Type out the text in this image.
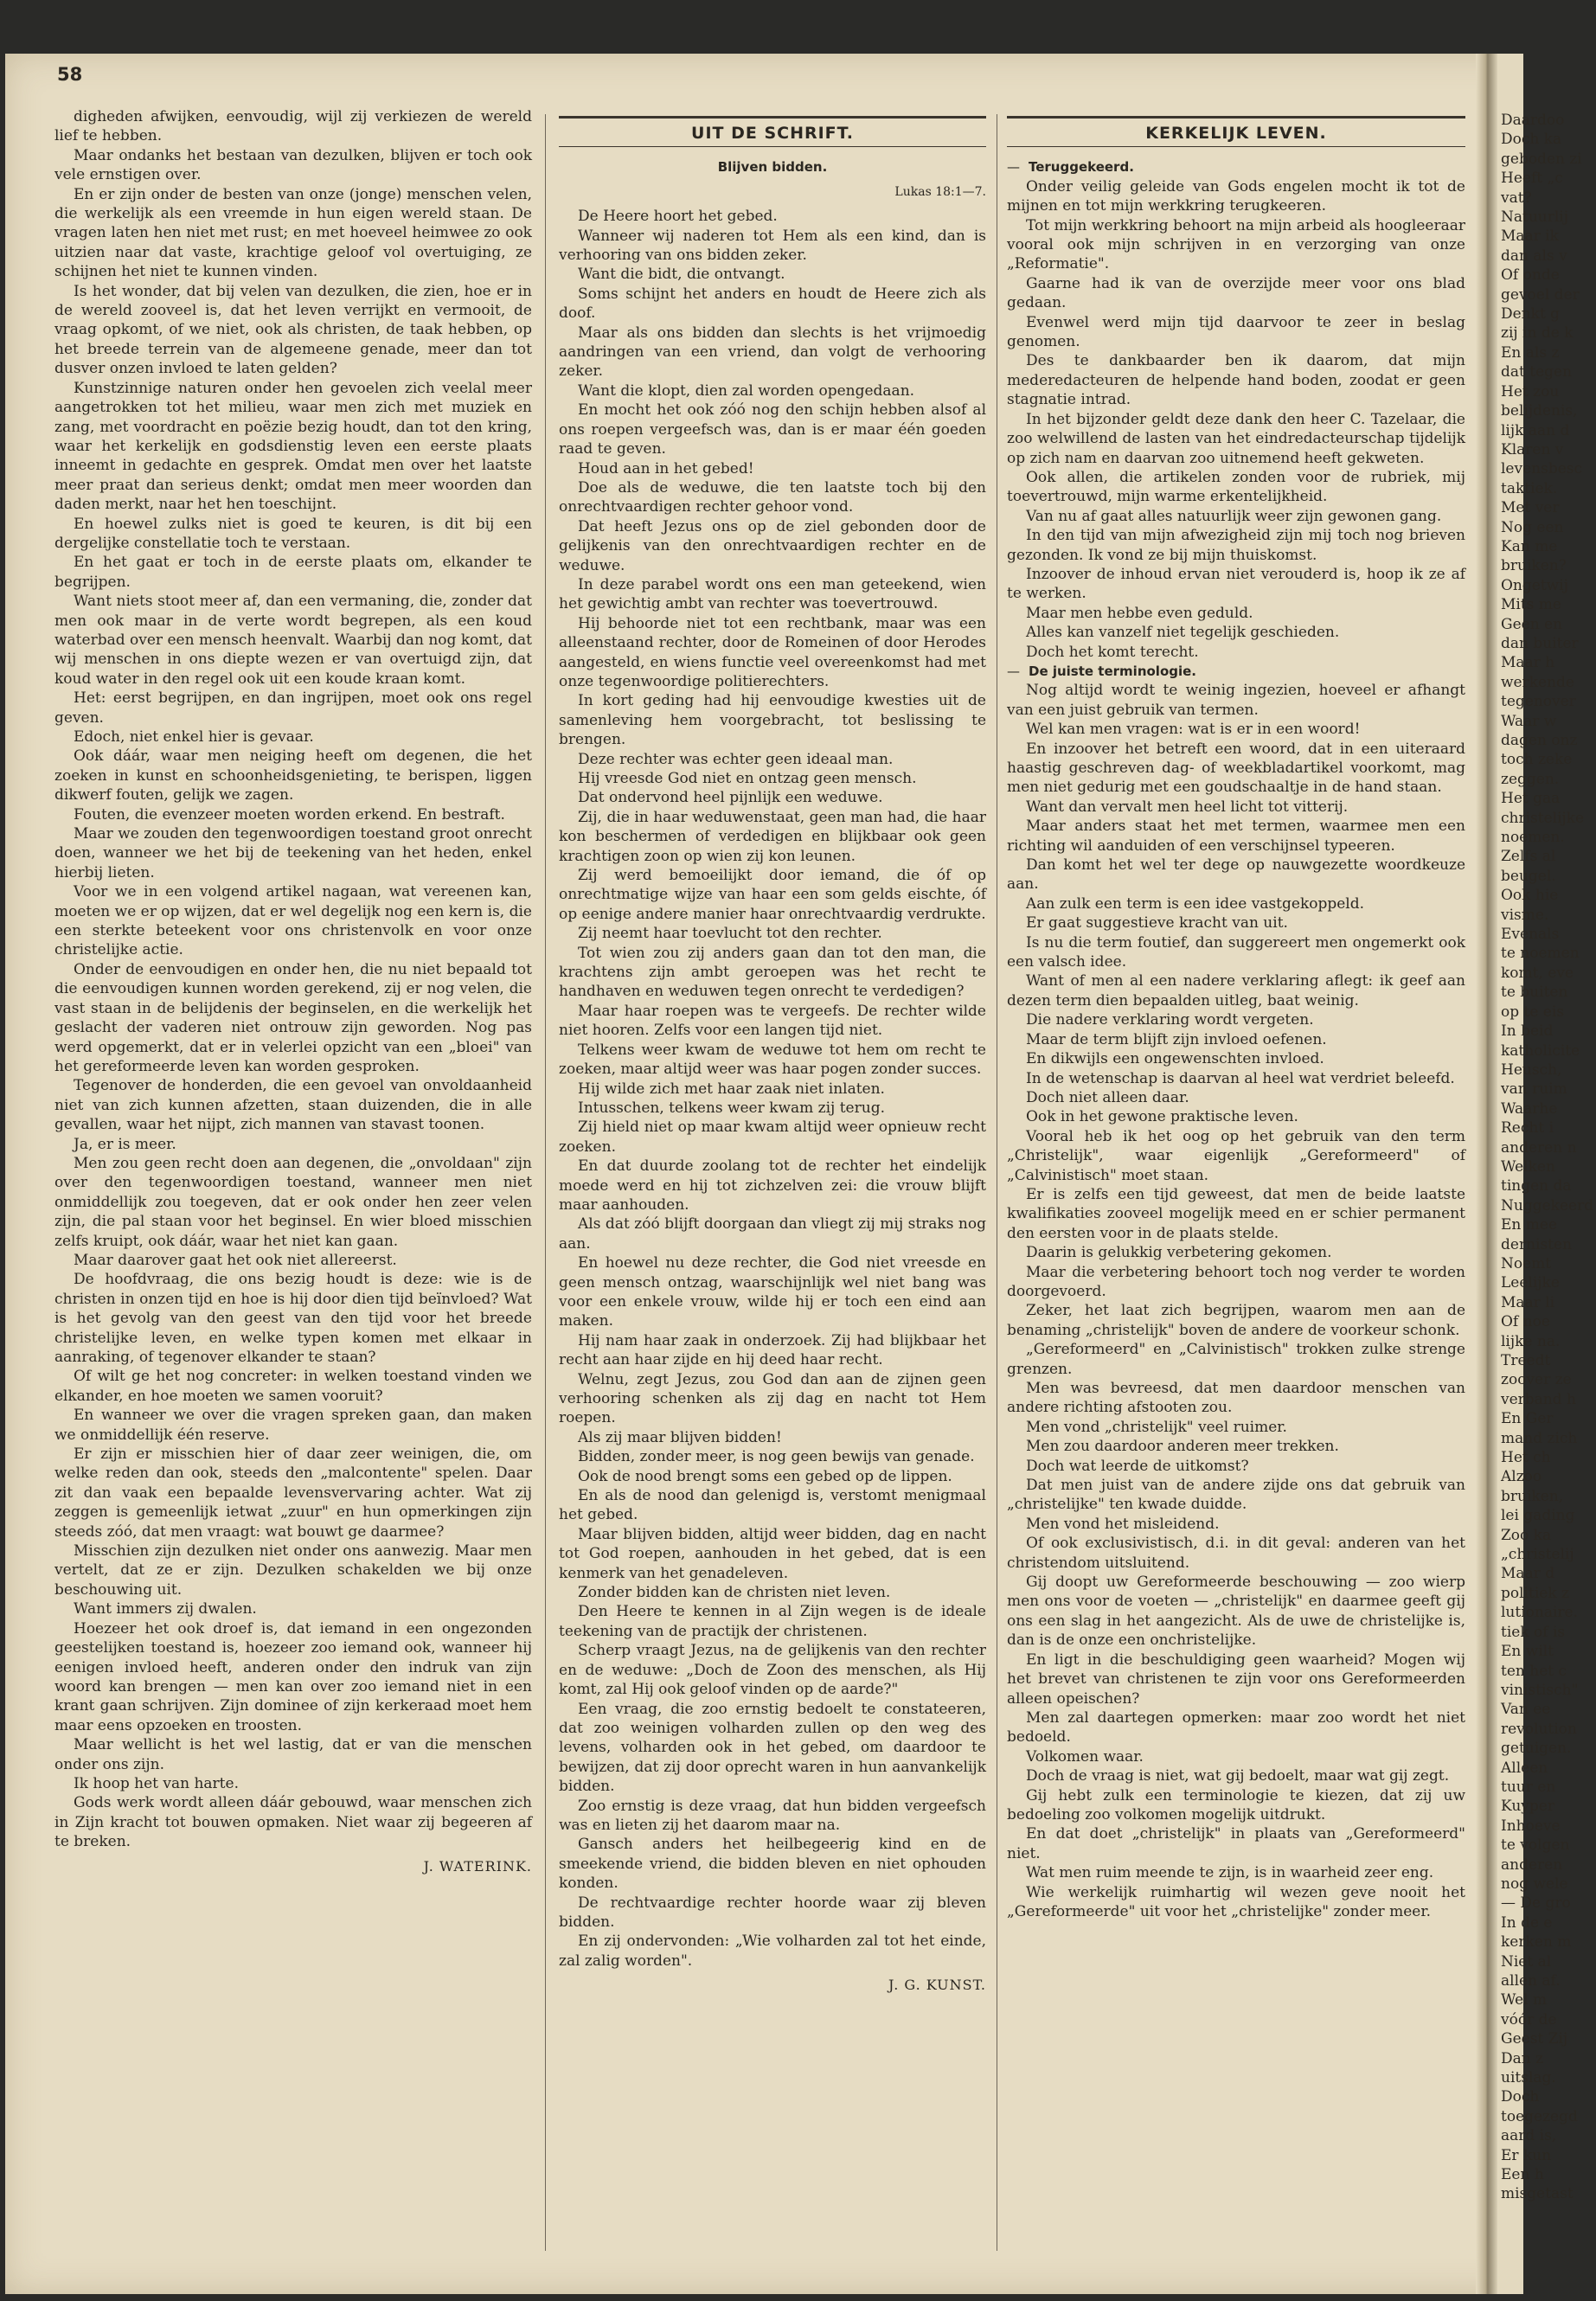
58

digheden afwijken, eenvoudig, wijl zij verkiezen de wereld lief te hebben.

Maar ondanks het bestaan van dezulken, blijven er toch ook vele ernstigen over.

En er zijn onder de besten van onze (jonge) menschen velen, die werkelijk als een vreemde in hun eigen wereld staan. De vragen laten hen niet met rust; en met hoeveel heimwee zo ook uitzien naar dat vaste, krachtige geloof vol overtuiging, ze schijnen het niet te kunnen vinden.

Is het wonder, dat bij velen van dezulken, die zien, hoe er in de wereld zooveel is, dat het leven verrijkt en vermooit, de vraag opkomt, of we niet, ook als christen, de taak hebben, op het breede terrein van de algemeene genade, meer dan tot dusver onzen invloed te laten gelden?

Kunstzinnige naturen onder hen gevoelen zich veelal meer aangetrokken tot het milieu, waar men zich met muziek en zang, met voordracht en poëzie bezig houdt, dan tot den kring, waar het kerkelijk en godsdienstig leven een eerste plaats inneemt in gedachte en gesprek. Omdat men over het laatste meer praat dan serieus denkt; omdat men meer woorden dan daden merkt, naar het hen toeschijnt.

En hoewel zulks niet is goed te keuren, is dit bij een dergelijke constellatie toch te verstaan.

En het gaat er toch in de eerste plaats om, elkander te begrijpen.

Want niets stoot meer af, dan een vermaning, die, zonder dat men ook maar in de verte wordt begrepen, als een koud waterbad over een mensch heenvalt. Waarbij dan nog komt, dat wij menschen in ons diepte wezen er van overtuigd zijn, dat koud water in den regel ook uit een koude kraan komt.

Het: eerst begrijpen, en dan ingrijpen, moet ook ons regel geven.

Edoch, niet enkel hier is gevaar.

Ook dáár, waar men neiging heeft om degenen, die het zoeken in kunst en schoonheidsgenieting, te berispen, liggen dikwerf fouten, gelijk we zagen.

Fouten, die evenzeer moeten worden erkend. En bestraft.

Maar we zouden den tegenwoordigen toestand groot onrecht doen, wanneer we het bij de teekening van het heden, enkel hierbij lieten.

Voor we in een volgend artikel nagaan, wat vereenen kan, moeten we er op wijzen, dat er wel degelijk nog een kern is, die een sterkte beteekent voor ons christenvolk en voor onze christelijke actie.

Onder de eenvoudigen en onder hen, die nu niet bepaald tot die eenvoudigen kunnen worden gerekend, zij er nog velen, die vast staan in de belijdenis der beginselen, en die werkelijk het geslacht der vaderen niet ontrouw zijn geworden. Nog pas werd opgemerkt, dat er in velerlei opzicht van een „bloei" van het gereformeerde leven kan worden gesproken.

Tegenover de honderden, die een gevoel van onvoldaanheid niet van zich kunnen afzetten, staan duizenden, die in alle gevallen, waar het nijpt, zich mannen van stavast toonen.

Ja, er is meer.

Men zou geen recht doen aan degenen, die „onvoldaan" zijn over den tegenwoordigen toestand, wanneer men niet onmiddellijk zou toegeven, dat er ook onder hen zeer velen zijn, die pal staan voor het beginsel. En wier bloed misschien zelfs kruipt, ook dáár, waar het niet kan gaan.

Maar daarover gaat het ook niet allereerst.

De hoofdvraag, die ons bezig houdt is deze: wie is de christen in onzen tijd en hoe is hij door dien tijd beïnvloed? Wat is het gevolg van den geest van den tijd voor het breede christelijke leven, en welke typen komen met elkaar in aanraking, of tegenover elkander te staan?

Of wilt ge het nog concreter: in welken toestand vinden we elkander, en hoe moeten we samen vooruit?

En wanneer we over die vragen spreken gaan, dan maken we onmiddellijk één reserve.

Er zijn er misschien hier of daar zeer weinigen, die, om welke reden dan ook, steeds den „malcontente" spelen. Daar zit dan vaak een bepaalde levensvervaring achter. Wat zij zeggen is gemeenlijk ietwat „zuur" en hun opmerkingen zijn steeds zóó, dat men vraagt: wat bouwt ge daarmee?

Misschien zijn dezulken niet onder ons aanwezig. Maar men vertelt, dat ze er zijn. Dezulken schakelden we bij onze beschouwing uit.

Want immers zij dwalen.

Hoezeer het ook droef is, dat iemand in een ongezonden geestelijken toestand is, hoezeer zoo iemand ook, wanneer hij eenigen invloed heeft, anderen onder den indruk van zijn woord kan brengen — men kan over zoo iemand niet in een krant gaan schrijven. Zijn dominee of zijn kerkeraad moet hem maar eens opzoeken en troosten.

Maar wellicht is het wel lastig, dat er van die menschen onder ons zijn.

Ik hoop het van harte.

Gods werk wordt alleen dáár gebouwd, waar menschen zich in Zijn kracht tot bouwen opmaken. Niet waar zij begeeren af te breken.

J. WATERINK.
UIT DE SCHRIFT.
Blijven bidden.
Lukas 18:1—7.

De Heere hoort het gebed.

Wanneer wij naderen tot Hem als een kind, dan is verhooring van ons bidden zeker.

Want die bidt, die ontvangt.

Soms schijnt het anders en houdt de Heere zich als doof.

Maar als ons bidden dan slechts is het vrijmoedig aandringen van een vriend, dan volgt de verhooring zeker.

Want die klopt, dien zal worden opengedaan.

En mocht het ook zóó nog den schijn hebben alsof al ons roepen vergeefsch was, dan is er maar één goeden raad te geven.

Houd aan in het gebed!

Doe als de weduwe, die ten laatste toch bij den onrechtvaardigen rechter gehoor vond.

Dat heeft Jezus ons op de ziel gebonden door de gelijkenis van den onrechtvaardigen rechter en de weduwe.

In deze parabel wordt ons een man geteekend, wien het gewichtig ambt van rechter was toevertrouwd.

Hij behoorde niet tot een rechtbank, maar was een alleenstaand rechter, door de Romeinen of door Herodes aangesteld, en wiens functie veel overeenkomst had met onze tegenwoordige politierechters.

In kort geding had hij eenvoudige kwesties uit de samenleving hem voorgebracht, tot beslissing te brengen.

Deze rechter was echter geen ideaal man.

Hij vreesde God niet en ontzag geen mensch.

Dat ondervond heel pijnlijk een weduwe.

Zij, die in haar weduwenstaat, geen man had, die haar kon beschermen of verdedigen en blijkbaar ook geen krachtigen zoon op wien zij kon leunen.

Zij werd bemoeilijkt door iemand, die óf op onrechtmatige wijze van haar een som gelds eischte, óf op eenige andere manier haar onrechtvaardig verdrukte.

Zij neemt haar toevlucht tot den rechter.

Tot wien zou zij anders gaan dan tot den man, die krachtens zijn ambt geroepen was het recht te handhaven en weduwen tegen onrecht te verdedigen?

Maar haar roepen was te vergeefs. De rechter wilde niet hooren. Zelfs voor een langen tijd niet.

Telkens weer kwam de weduwe tot hem om recht te zoeken, maar altijd weer was haar pogen zonder succes.

Hij wilde zich met haar zaak niet inlaten.

Intusschen, telkens weer kwam zij terug.

Zij hield niet op maar kwam altijd weer opnieuw recht zoeken.

En dat duurde zoolang tot de rechter het eindelijk moede werd en hij tot zichzelven zei: die vrouw blijft maar aanhouden.

Als dat zóó blijft doorgaan dan vliegt zij mij straks nog aan.

En hoewel nu deze rechter, die God niet vreesde en geen mensch ontzag, waarschijnlijk wel niet bang was voor een enkele vrouw, wilde hij er toch een eind aan maken.

Hij nam haar zaak in onderzoek. Zij had blijkbaar het recht aan haar zijde en hij deed haar recht.

Welnu, zegt Jezus, zou God dan aan de zijnen geen verhooring schenken als zij dag en nacht tot Hem roepen.

Als zij maar blijven bidden!

Bidden, zonder meer, is nog geen bewijs van genade.

Ook de nood brengt soms een gebed op de lippen.

En als de nood dan gelenigd is, verstomt menigmaal het gebed.

Maar blijven bidden, altijd weer bidden, dag en nacht tot God roepen, aanhouden in het gebed, dat is een kenmerk van het genadeleven.

Zonder bidden kan de christen niet leven.

Den Heere te kennen in al Zijn wegen is de ideale teekening van de practijk der christenen.

Scherp vraagt Jezus, na de gelijkenis van den rechter en de weduwe: „Doch de Zoon des menschen, als Hij komt, zal Hij ook geloof vinden op de aarde?"

Een vraag, die zoo ernstig bedoelt te constateeren, dat zoo weinigen volharden zullen op den weg des levens, volharden ook in het gebed, om daardoor te bewijzen, dat zij door oprecht waren in hun aanvankelijk bidden.

Zoo ernstig is deze vraag, dat hun bidden vergeefsch was en lieten zij het daarom maar na.

Gansch anders het heilbegeerig kind en de smeekende vriend, die bidden bleven en niet ophouden konden.

De rechtvaardige rechter hoorde waar zij bleven bidden.

En zij ondervonden: „Wie volharden zal tot het einde, zal zalig worden".

J. G. KUNST.
KERKELIJK LEVEN.

— Teruggekeerd.

Onder veilig geleide van Gods engelen mocht ik tot de mijnen en tot mijn werkkring terugkeeren.

Tot mijn werkkring behoort na mijn arbeid als hoogleeraar vooral ook mijn schrijven in en verzorging van onze „Reformatie".

Gaarne had ik van de overzijde meer voor ons blad gedaan.

Evenwel werd mijn tijd daarvoor te zeer in beslag genomen.

Des te dankbaarder ben ik daarom, dat mijn mederedacteuren de helpende hand boden, zoodat er geen stagnatie intrad.

In het bijzonder geldt deze dank den heer C. Tazelaar, die zoo welwillend de lasten van het eindredacteurschap tijdelijk op zich nam en daarvan zoo uitnemend heeft gekweten.

Ook allen, die artikelen zonden voor de rubriek, mij toevertrouwd, mijn warme erkentelijkheid.

Van nu af gaat alles natuurlijk weer zijn gewonen gang.

In den tijd van mijn afwezigheid zijn mij toch nog brieven gezonden. Ik vond ze bij mijn thuiskomst.

Inzoover de inhoud ervan niet verouderd is, hoop ik ze af te werken.

Maar men hebbe even geduld.

Alles kan vanzelf niet tegelijk geschieden.

Doch het komt terecht.

— De juiste terminologie.

Nog altijd wordt te weinig ingezien, hoeveel er afhangt van een juist gebruik van termen.

Wel kan men vragen: wat is er in een woord!

En inzoover het betreft een woord, dat in een uiteraard haastig geschreven dag- of weekbladartikel voorkomt, mag men niet gedurig met een goudschaaltje in de hand staan.

Want dan vervalt men heel licht tot vitterij.

Maar anders staat het met termen, waarmee men een richting wil aanduiden of een verschijnsel typeeren.

Dan komt het wel ter dege op nauwgezette woordkeuze aan.

Aan zulk een term is een idee vastgekoppeld.

Er gaat suggestieve kracht van uit.

Is nu die term foutief, dan suggereert men ongemerkt ook een valsch idee.

Want of men al een nadere verklaring aflegt: ik geef aan dezen term dien bepaalden uitleg, baat weinig.

Die nadere verklaring wordt vergeten.

Maar de term blijft zijn invloed oefenen.

En dikwijls een ongewenschten invloed.

In de wetenschap is daarvan al heel wat verdriet beleefd.

Doch niet alleen daar.

Ook in het gewone praktische leven.

Vooral heb ik het oog op het gebruik van den term „Christelijk", waar eigenlijk „Gereformeerd" of „Calvinistisch" moet staan.

Er is zelfs een tijd geweest, dat men de beide laatste kwalifikaties zooveel mogelijk meed en er schier permanent den eersten voor in de plaats stelde.

Daarin is gelukkig verbetering gekomen.

Maar die verbetering behoort toch nog verder te worden doorgevoerd.

Zeker, het laat zich begrijpen, waarom men aan de benaming „christelijk" boven de andere de voorkeur schonk.

„Gereformeerd" en „Calvinistisch" trokken zulke strenge grenzen.

Men was bevreesd, dat men daardoor menschen van andere richting afstooten zou.

Men vond „christelijk" veel ruimer.

Men zou daardoor anderen meer trekken.

Doch wat leerde de uitkomst?

Dat men juist van de andere zijde ons dat gebruik van „christelijke" ten kwade duidde.

Men vond het misleidend.

Of ook exclusivistisch, d.i. in dit geval: anderen van het christendom uitsluitend.

Gij doopt uw Gereformeerde beschouwing — zoo wierp men ons voor de voeten — „christelijk" en daarmee geeft gij ons een slag in het aangezicht. Als de uwe de christelijke is, dan is de onze een onchristelijke.

En ligt in die beschuldiging geen waarheid? Mogen wij het brevet van christenen te zijn voor ons Gereformeerden alleen opeischen?

Men zal daartegen opmerken: maar zoo wordt het niet bedoeld.

Volkomen waar.

Doch de vraag is niet, wat gij bedoelt, maar wat gij zegt.

Gij hebt zulk een terminologie te kiezen, dat zij uw bedoeling zoo volkomen mogelijk uitdrukt.

En dat doet „christelijk" in plaats van „Gereformeerd" niet.

Wat men ruim meende te zijn, is in waarheid zeer eng.

Wie werkelijk ruimhartig wil wezen geve nooit het „Gereformeerde" uit voor het „christelijke" zonder meer.

Daardoo

Doch ka

geboden zi

Heeft „c

vat?

Natuurlij

Maar ik

dan als v

Of onde

gevoel der

Denkt g

zij in de k

En als z

dat tegen

Het zou

belijdenis,

lijk aan d

Klaren v

levensbesc

taktiek.

Met ver

Nog een

Kan me

bruiken?

Ongetwij

Mits me

Geen en

dan buiter

Maar h

werkende

tegenover

Waar w

dagen onz

toch zeke

zeggen.

Het gaa

christelijke

noemen.

Zelfs al

beugel.

Ook hie

visme.

Evenals

te noemen

komt, eve

te buiten

op te eis

In beid

katholicite

Heusch,

van ruim

Waarhe

Recht i

anderen n

Welken

tingen da

Nuggekeerd

En mee

dernisten

Noemt

Leelijke

Maar li

Of noe

lijke na.

Treedt

zoover ze

verband h

En Ger

mand zich

Het ch

Alzoo

bruiken,

lei gading

Zoo ka

„christelij

Maar d

politiek z

lutionaire.

tiek of is

En wilt

ten het c

vinistisch"

Van ee

revolution

getuigen.

Alleen

tuur en

Kuyper

Inhoeve

te volgen

anderen

nog wele

— De gro

In de e

kerken m

Niet al

allen af.

Wel m

vóór de

Geest Zij

Dan z

uitslag.

Doch

toegezegd

aard is,

Er kun

Een h

misgetast
